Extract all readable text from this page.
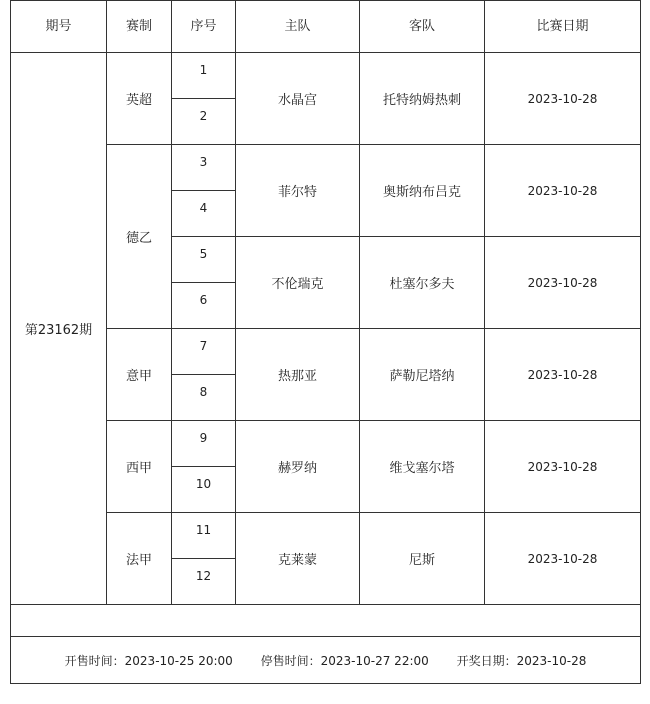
期号	赛制	序号	主队	客队	比赛日期
第23162期	英超	1	水晶宫	托特纳姆热刺	2023-10-28
		2			
	德乙	3	菲尔特	奥斯纳布吕克	2023-10-28
		4			
		5	不伦瑞克	杜塞尔多夫	2023-10-28
		6			
	意甲	7	热那亚	萨勒尼塔纳	2023-10-28
		8			
	西甲	9	赫罗纳	维戈塞尔塔	2023-10-28
		10			
	法甲	11	克莱蒙	尼斯	2023-10-28
		12			

开售时间：2023-10-25 20:00 停售时间：2023-10-27 22:00 开奖日期：2023-10-28					
